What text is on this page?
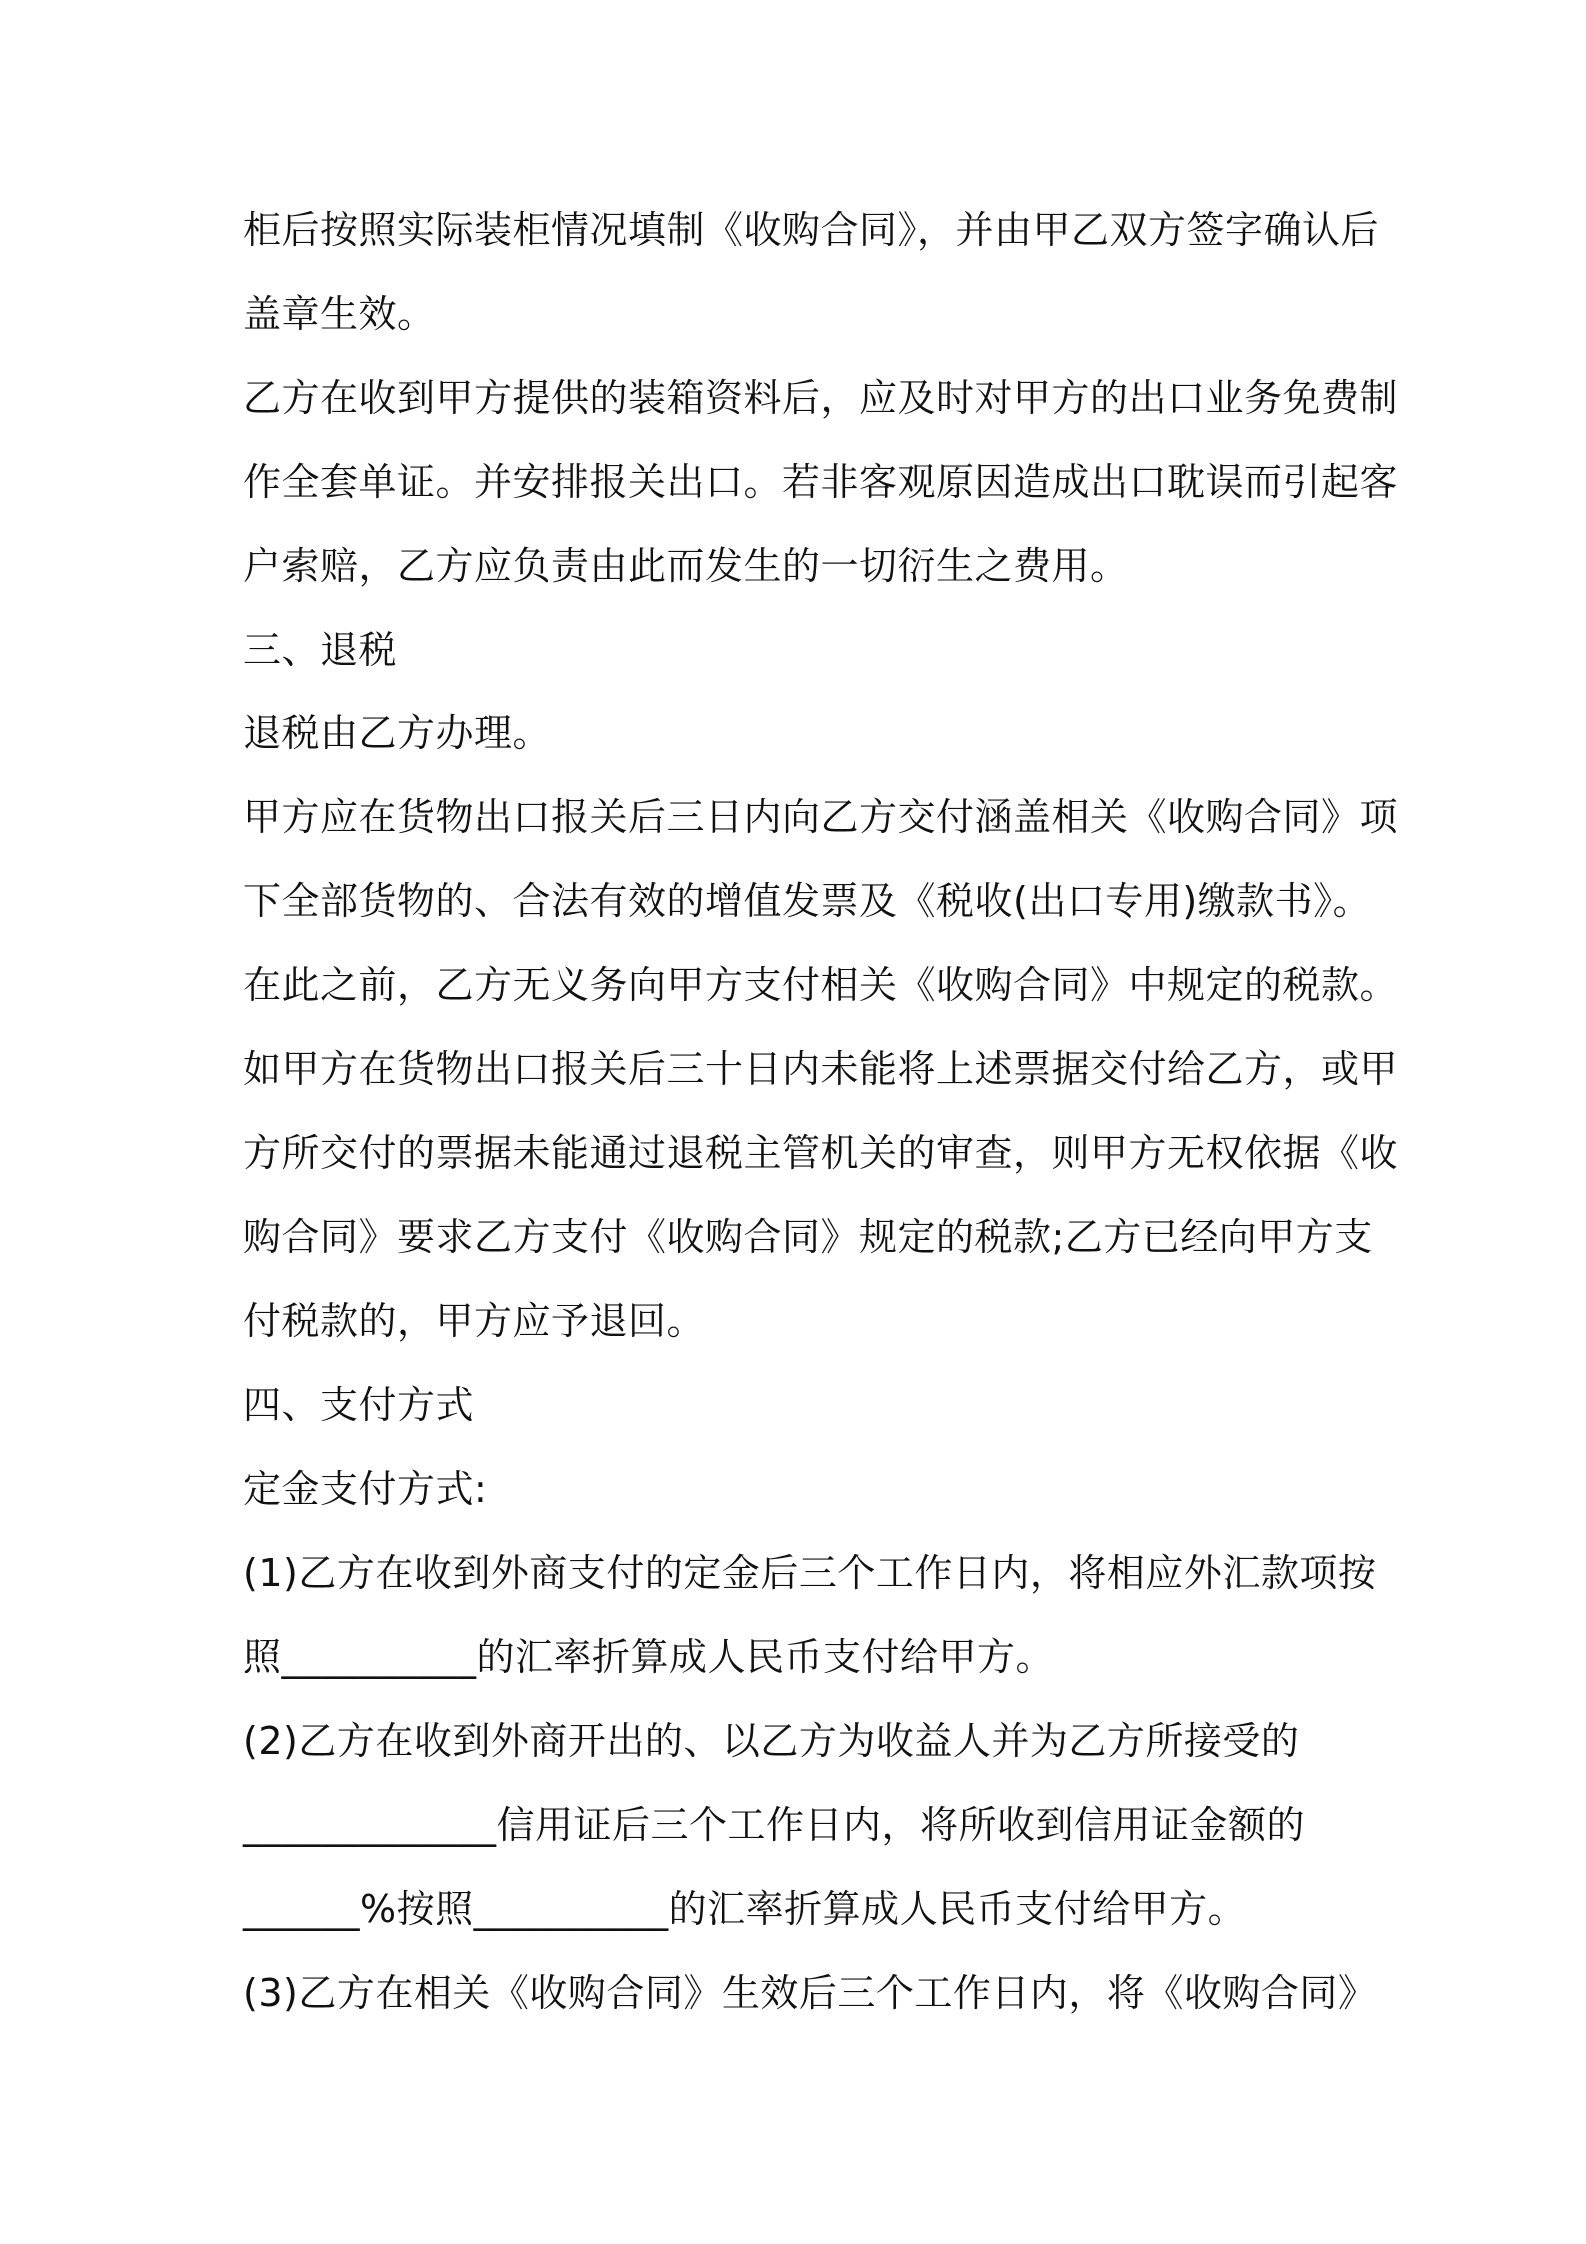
柜后按照实际装柜情况填制《收购合同》，并由甲乙双方签字确认后
盖章生效。
乙方在收到甲方提供的装箱资料后，应及时对甲方的出口业务免费制
作全套单证。并安排报关出口。若非客观原因造成出口耽误而引起客
户索赔，乙方应负责由此而发生的一切衍生之费用。
三、退税
退税由乙方办理。
甲方应在货物出口报关后三日内向乙方交付涵盖相关《收购合同》项
下全部货物的、合法有效的增值发票及《税收(出口专用)缴款书》。
在此之前，乙方无义务向甲方支付相关《收购合同》中规定的税款。
如甲方在货物出口报关后三十日内未能将上述票据交付给乙方，或甲
方所交付的票据未能通过退税主管机关的审查，则甲方无权依据《收
购合同》要求乙方支付《收购合同》规定的税款;乙方已经向甲方支
付税款的，甲方应予退回。
四、支付方式
定金支付方式:
(1)乙方在收到外商支付的定金后三个工作日内，将相应外汇款项按
照__________的汇率折算成人民币支付给甲方。
(2)乙方在收到外商开出的、以乙方为收益人并为乙方所接受的
_____________信用证后三个工作日内，将所收到信用证金额的
______%按照__________的汇率折算成人民币支付给甲方。
(3)乙方在相关《收购合同》生效后三个工作日内，将《收购合同》
